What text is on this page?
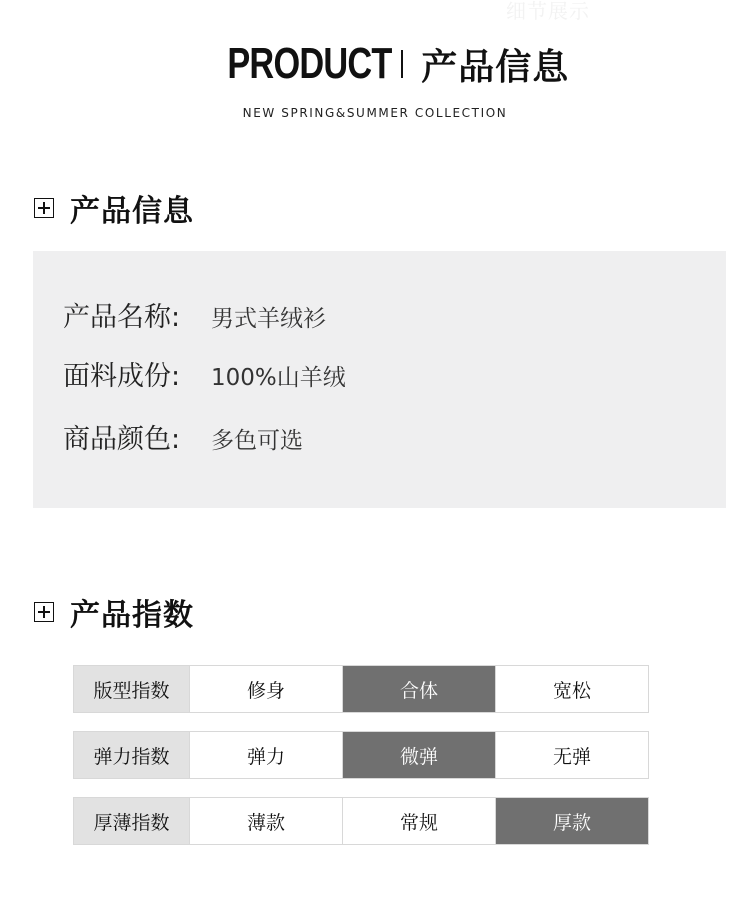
细节展示
PRODUCT 产品信息
NEW SPRING&SUMMER COLLECTION
产品信息
产品名称:	男式羊绒衫
面料成份:	100%山羊绒
商品颜色:	多色可选
产品指数
版型指数	修身	合体	宽松
弹力指数	弹力	微弹	无弹
厚薄指数	薄款	常规	厚款
